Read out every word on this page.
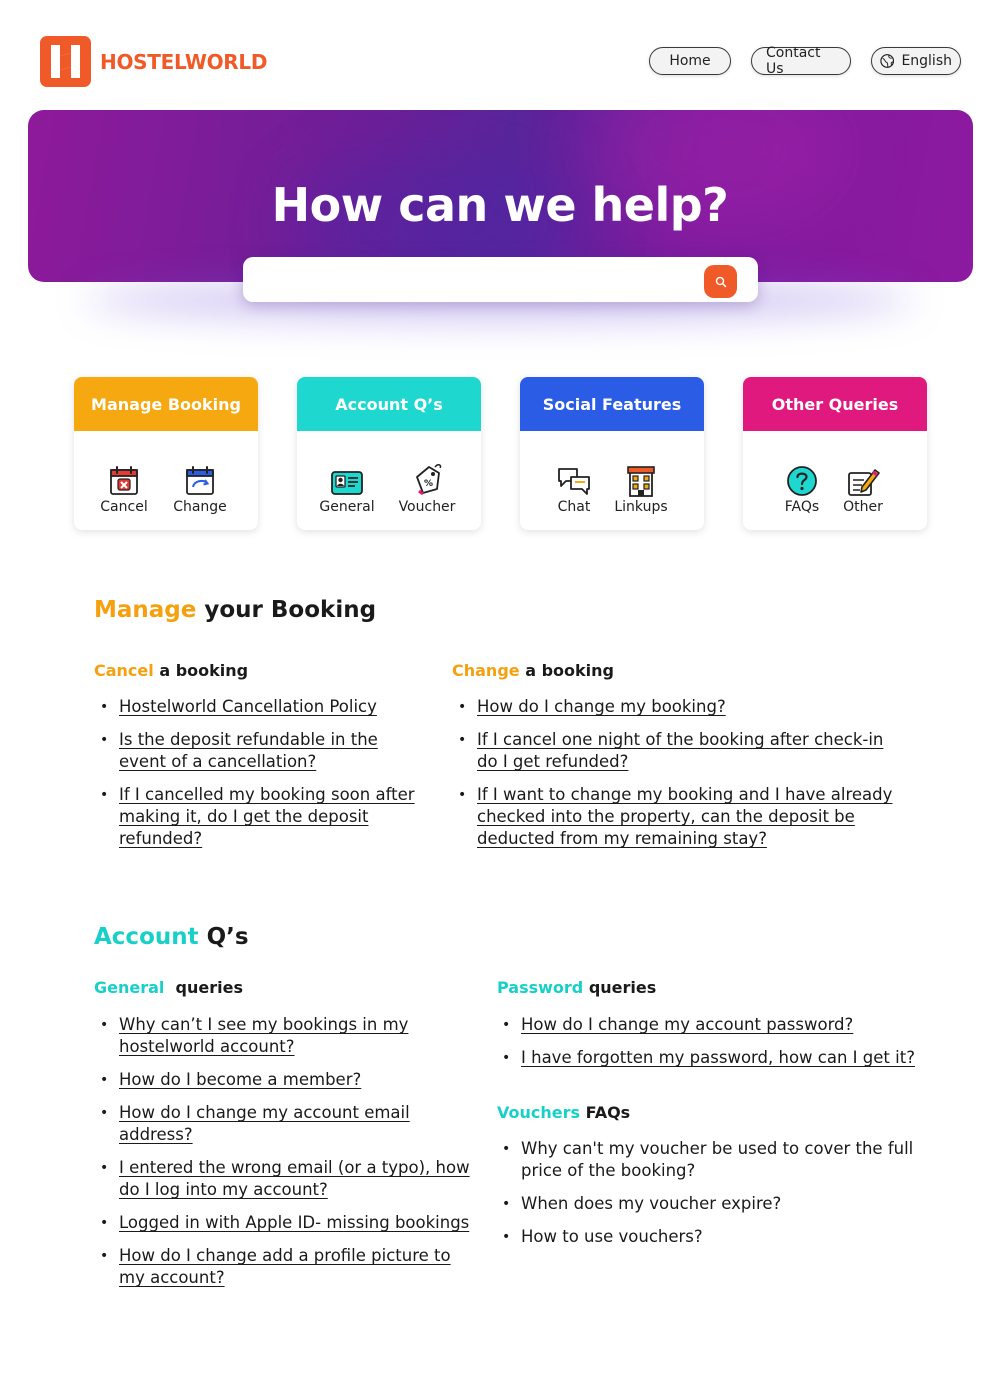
HOSTELWORLD	Home	Contact Us	English
How can we help?
Manage Booking
Cancel	Change
Account Q’s
General
%
Voucher
Social Features
Chat	Linkups
Other Queries
FAQs	Other
Manage your Booking
Cancel a booking
• Hostelworld Cancellation Policy
• Is the deposit refundable in the event of a cancellation?
• If I cancelled my booking soon after making it, do I get the deposit refunded?
Change a booking
• How do I change my booking?
• If I cancel one night of the booking after check-in do I get refunded?
• If I want to change my booking and I have already checked into the property, can the deposit be deducted from my remaining stay?
Account Q’s
General  queries
• Why can’t I see my bookings in my hostelworld account?
• How do I become a member?
• How do I change my account email address?
• I entered the wrong email (or a typo), how do I log into my account?
• Logged in with Apple ID- missing bookings
• How do I change add a profile picture to my account?
Password queries
• How do I change my account password?
• I have forgotten my password, how can I get it?
Vouchers FAQs
• Why can't my voucher be used to cover the full price of the booking?
• When does my voucher expire?
• How to use vouchers?
